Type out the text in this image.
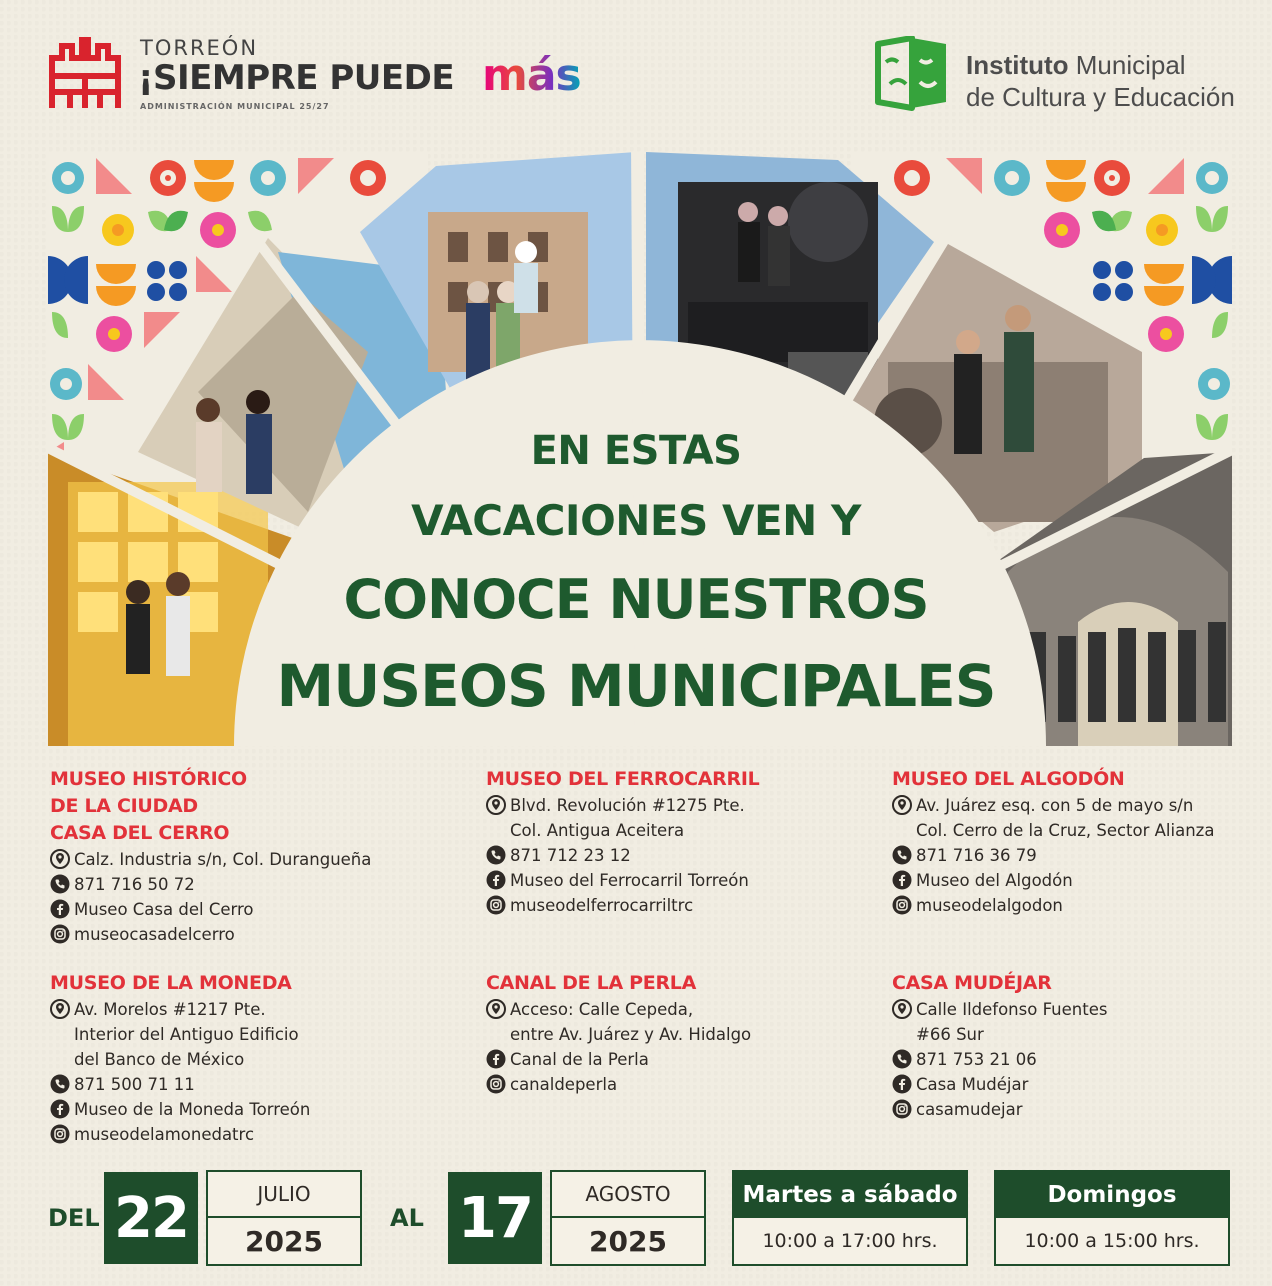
TORREÓN
¡SIEMPRE PUEDE más
ADMINISTRACIÓN MUNICIPAL 25/27
Instituto Municipal
de Cultura y Educación
EN ESTAS
VACACIONES VEN Y
CONOCE NUESTROS
MUSEOS MUNICIPALES
MUSEO HISTÓRICO
DE LA CIUDAD
CASA DEL CERRO
Calz. Industria s/n, Col. Duranguеña
871 716 50 72
Museo Casa del Cerro
museocasadelcerro
MUSEO DEL FERROCARRIL
Blvd. Revolución #1275 Pte.
Col. Antigua Aceitera
871 712 23 12
Museo del Ferrocarril Torreón
museodelferrocarriltrc
MUSEO DEL ALGODÓN
Av. Juárez esq. con 5 de mayo s/n
Col. Cerro de la Cruz, Sector Alianza
871 716 36 79
Museo del Algodón
museodelalgodon
MUSEO DE LA MONEDA
Av. Morelos #1217 Pte.
Interior del Antiguo Edificio
del Banco de México
871 500 71 11
Museo de la Moneda Torreón
museodelamonedatrc
CANAL DE LA PERLA
Acceso: Calle Cepeda,
entre Av. Juárez y Av. Hidalgo
Canal de la Perla
canaldeperla
CASA MUDÉJAR
Calle Ildefonso Fuentes
#66 Sur
871 753 21 06
Casa Mudéjar
casamudejar
DEL 22	JULIO
2025
AL 17	AGOSTO
2025
Martes a sábado
10:00 a 17:00 hrs.
Domingos
10:00 a 15:00 hrs.
